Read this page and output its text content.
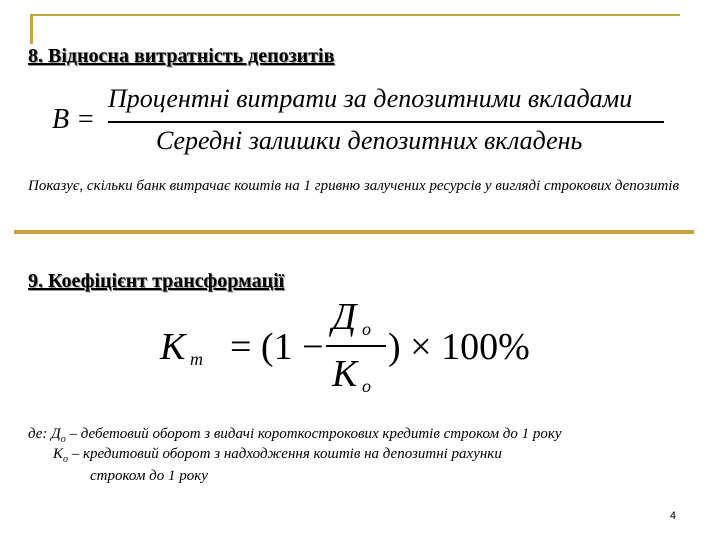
8. Відносна витратність депозитів
B =
Процентні витрати за депозитними вкладами
Середні залишки депозитних вкладень
Показує, скільки банк витрачає коштів на 1 гривню залучених ресурсів у вигляді строкових депозитів
9. Коефіцієнт трансформації
K т = (1 −
Д о
K о
) × 100%
де: $Д_о$ – дебетовий оборот з видачі короткострокових кредитів строком до 1 року
$K_о$ – кредитовий оборот з надходження коштів на депозитні рахунки
строком до 1 року
4
